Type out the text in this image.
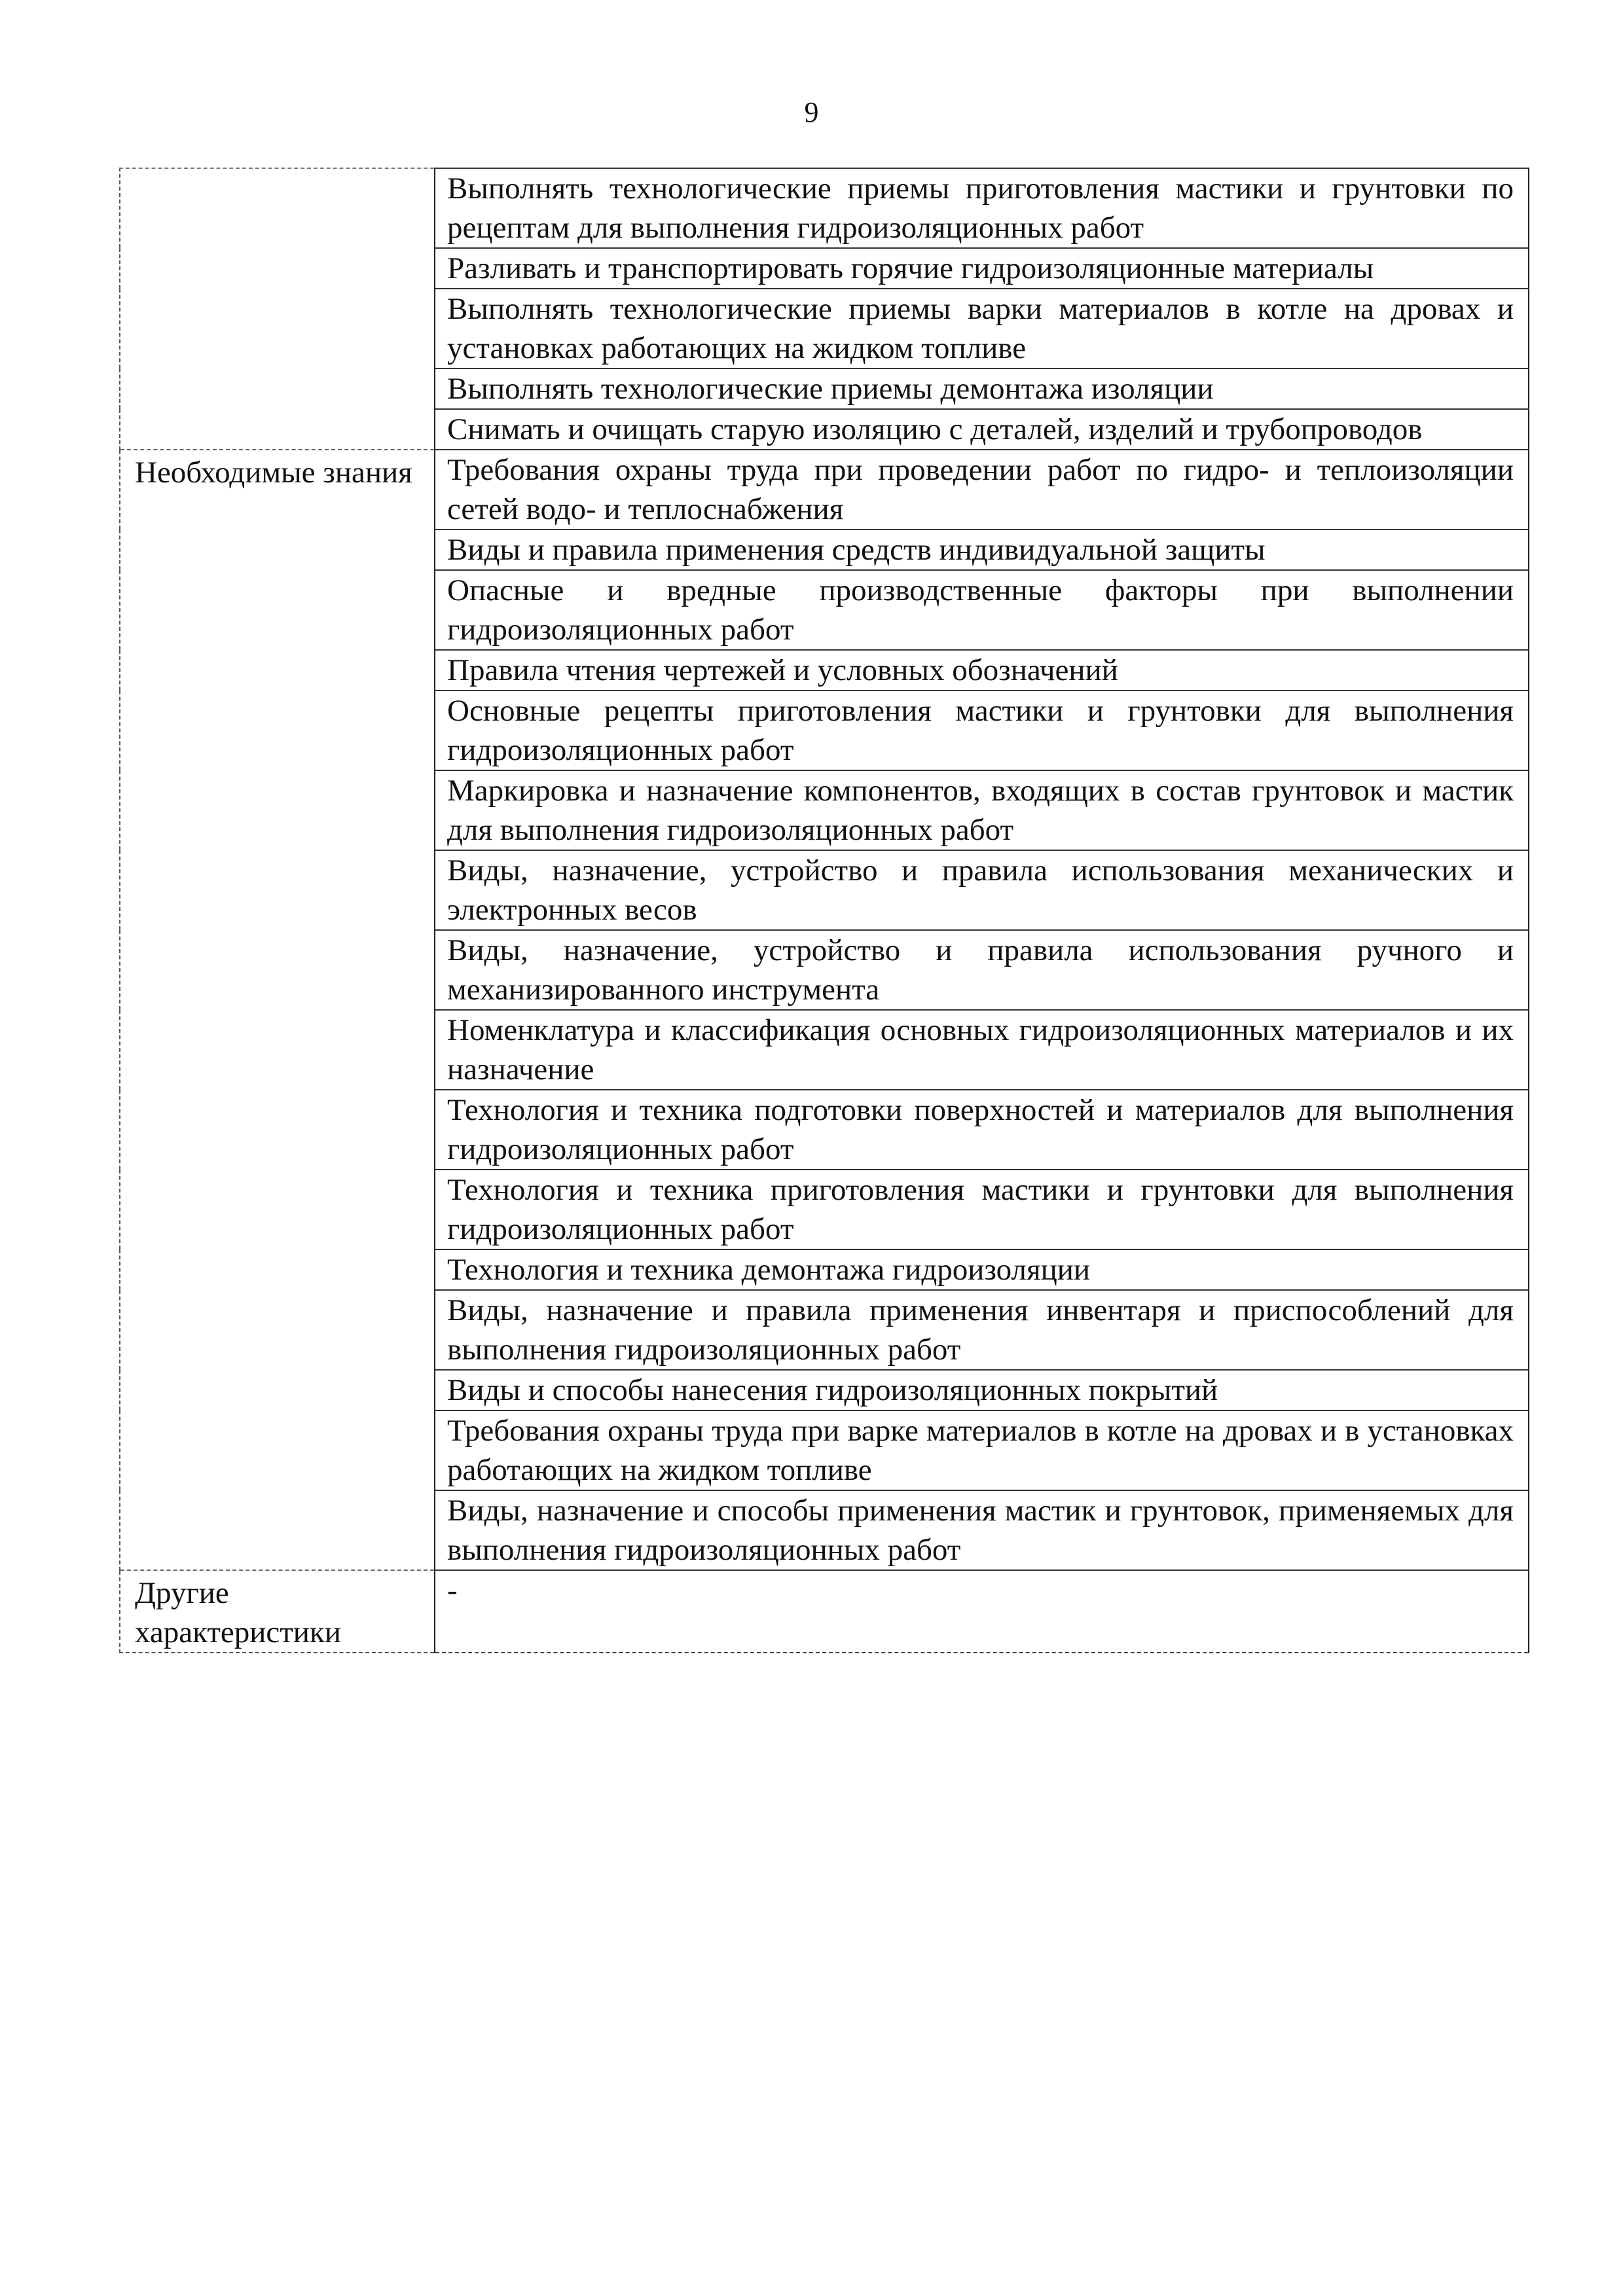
9
	Выполнять технологические приемы приготовления мастики и грунтовки по рецептам для выполнения гидроизоляционных работ
	Разливать и транспортировать горячие гидроизоляционные материалы
	Выполнять технологические приемы варки материалов в котле на дровах и установках работающих на жидком топливе
	Выполнять технологические приемы демонтажа изоляции
	Снимать и очищать старую изоляцию с деталей, изделий и трубопроводов
Необходимые знания	Требования охраны труда при проведении работ по гидро- и теплоизоляции сетей водо- и теплоснабжения
	Виды и правила применения средств индивидуальной защиты
	Опасные и вредные производственные факторы при выполнении гидроизоляционных работ
	Правила чтения чертежей и условных обозначений
	Основные рецепты приготовления мастики и грунтовки для выполнения гидроизоляционных работ
	Маркировка и назначение компонентов, входящих в состав грунтовок и мастик для выполнения гидроизоляционных работ
	Виды, назначение, устройство и правила использования механических и электронных весов
	Виды, назначение, устройство и правила использования ручного и механизированного инструмента
	Номенклатура и классификация основных гидроизоляционных материалов и их назначение
	Технология и техника подготовки поверхностей и материалов для выполнения гидроизоляционных работ
	Технология и техника приготовления мастики и грунтовки для выполнения гидроизоляционных работ
	Технология и техника демонтажа гидроизоляции
	Виды, назначение и правила применения инвентаря и приспособлений для выполнения гидроизоляционных работ
	Виды и способы нанесения гидроизоляционных покрытий
	Требования охраны труда при варке материалов в котле на дровах и в установках работающих на жидком топливе
	Виды, назначение и способы применения мастик и грунтовок, применяемых для выполнения гидроизоляционных работ
Другие характеристики	-
